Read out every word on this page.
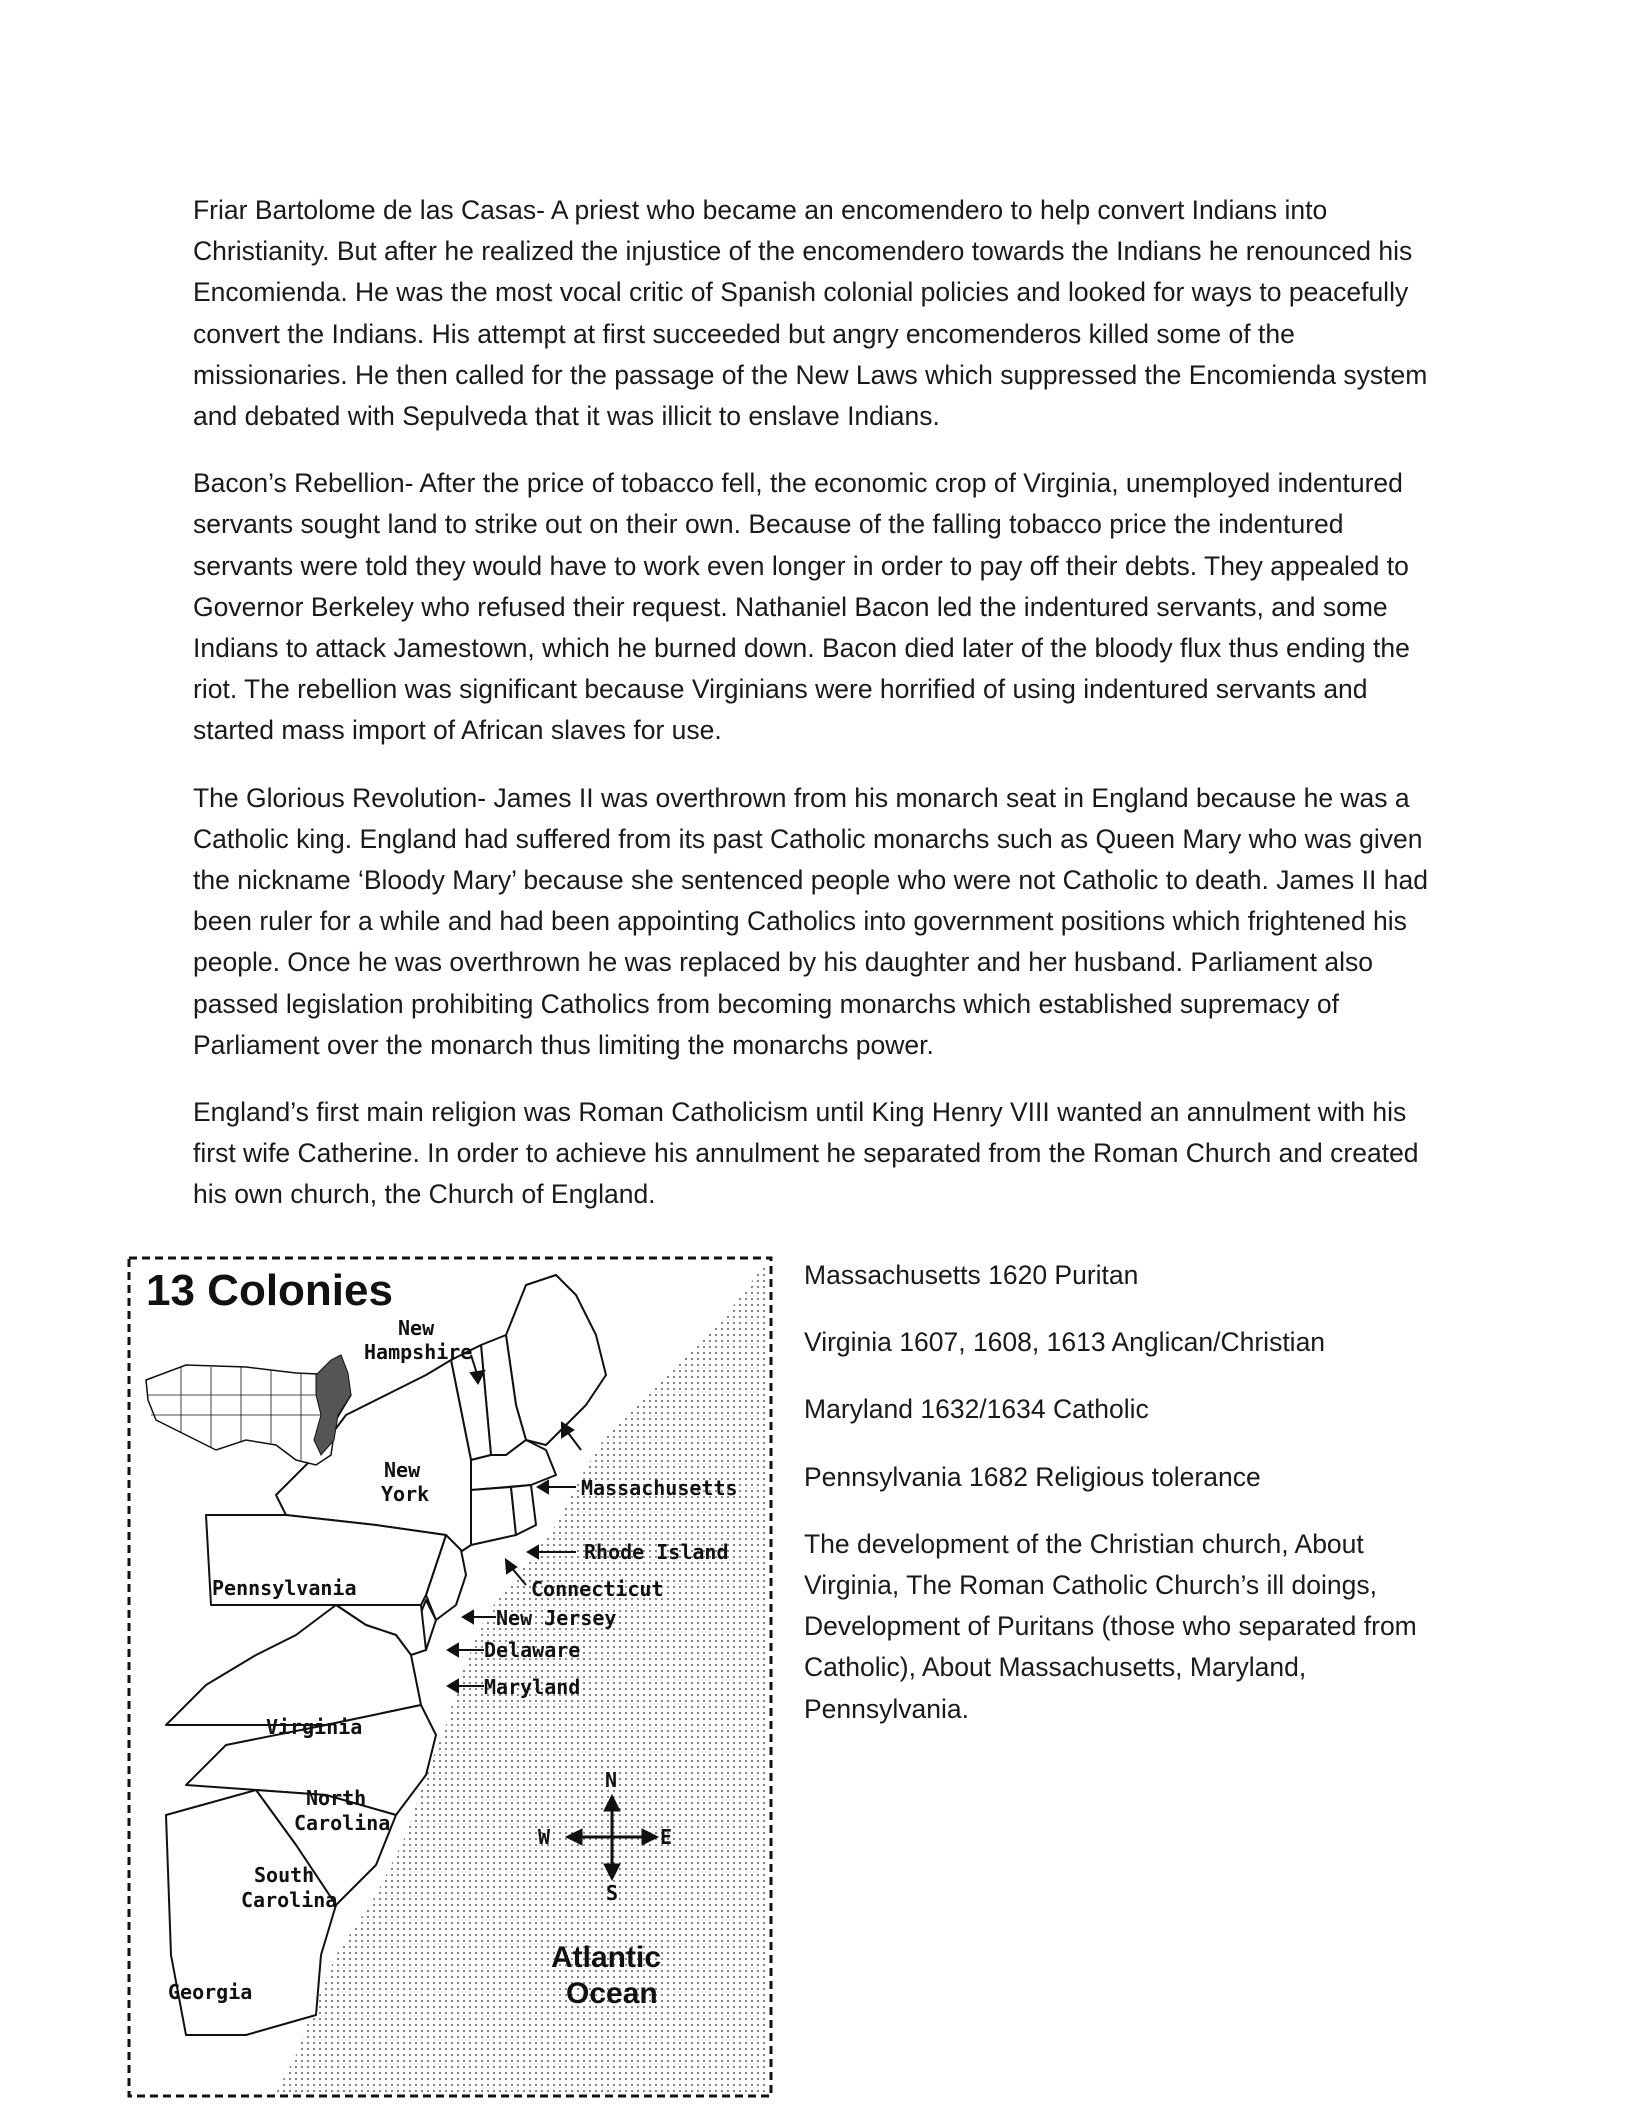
Friar Bartolome de las Casas- A priest who became an encomendero to help convert Indians into Christianity. But after he realized the injustice of the encomendero towards the Indians he renounced his Encomienda. He was the most vocal critic of Spanish colonial policies and looked for ways to peacefully convert the Indians. His attempt at first succeeded but angry encomenderos killed some of the missionaries. He then called for the passage of the New Laws which suppressed the Encomienda system and debated with Sepulveda that it was illicit to enslave Indians.

Bacon’s Rebellion- After the price of tobacco fell, the economic crop of Virginia, unemployed indentured servants sought land to strike out on their own. Because of the falling tobacco price the indentured servants were told they would have to work even longer in order to pay off their debts. They appealed to Governor Berkeley who refused their request. Nathaniel Bacon led the indentured servants, and some Indians to attack Jamestown, which he burned down. Bacon died later of the bloody flux thus ending the riot. The rebellion was significant because Virginians were horrified of using indentured servants and started mass import of African slaves for use.

The Glorious Revolution- James II was overthrown from his monarch seat in England because he was a Catholic king. England had suffered from its past Catholic monarchs such as Queen Mary who was given the nickname ‘Bloody Mary’ because she sentenced people who were not Catholic to death. James II had been ruler for a while and had been appointing Catholics into government positions which frightened his people. Once he was overthrown he was replaced by his daughter and her husband. Parliament also passed legislation prohibiting Catholics from becoming monarchs which established supremacy of Parliament over the monarch thus limiting the monarchs power.

England’s first main religion was Roman Catholicism until King Henry VIII wanted an annulment with his first wife Catherine. In order to achieve his annulment he separated from the Roman Church and created his own church, the Church of England.

13 Colonies
New
Hampshire
New
York	Massachusetts
Rhode Island
Connecticut
Pennsylvania
New Jersey
Delaware
Maryland
Virginia
North
Carolina
South
Carolina
Georgia
N
S
E
W
Atlantic
Ocean

Massachusetts 1620 Puritan

Virginia 1607, 1608, 1613 Anglican/Christian

Maryland 1632/1634 Catholic

Pennsylvania 1682 Religious tolerance

The development of the Christian church, About Virginia, The Roman Catholic Church’s ill doings, Development of Puritans (those who separated from Catholic), About Massachusetts, Maryland, Pennsylvania.
